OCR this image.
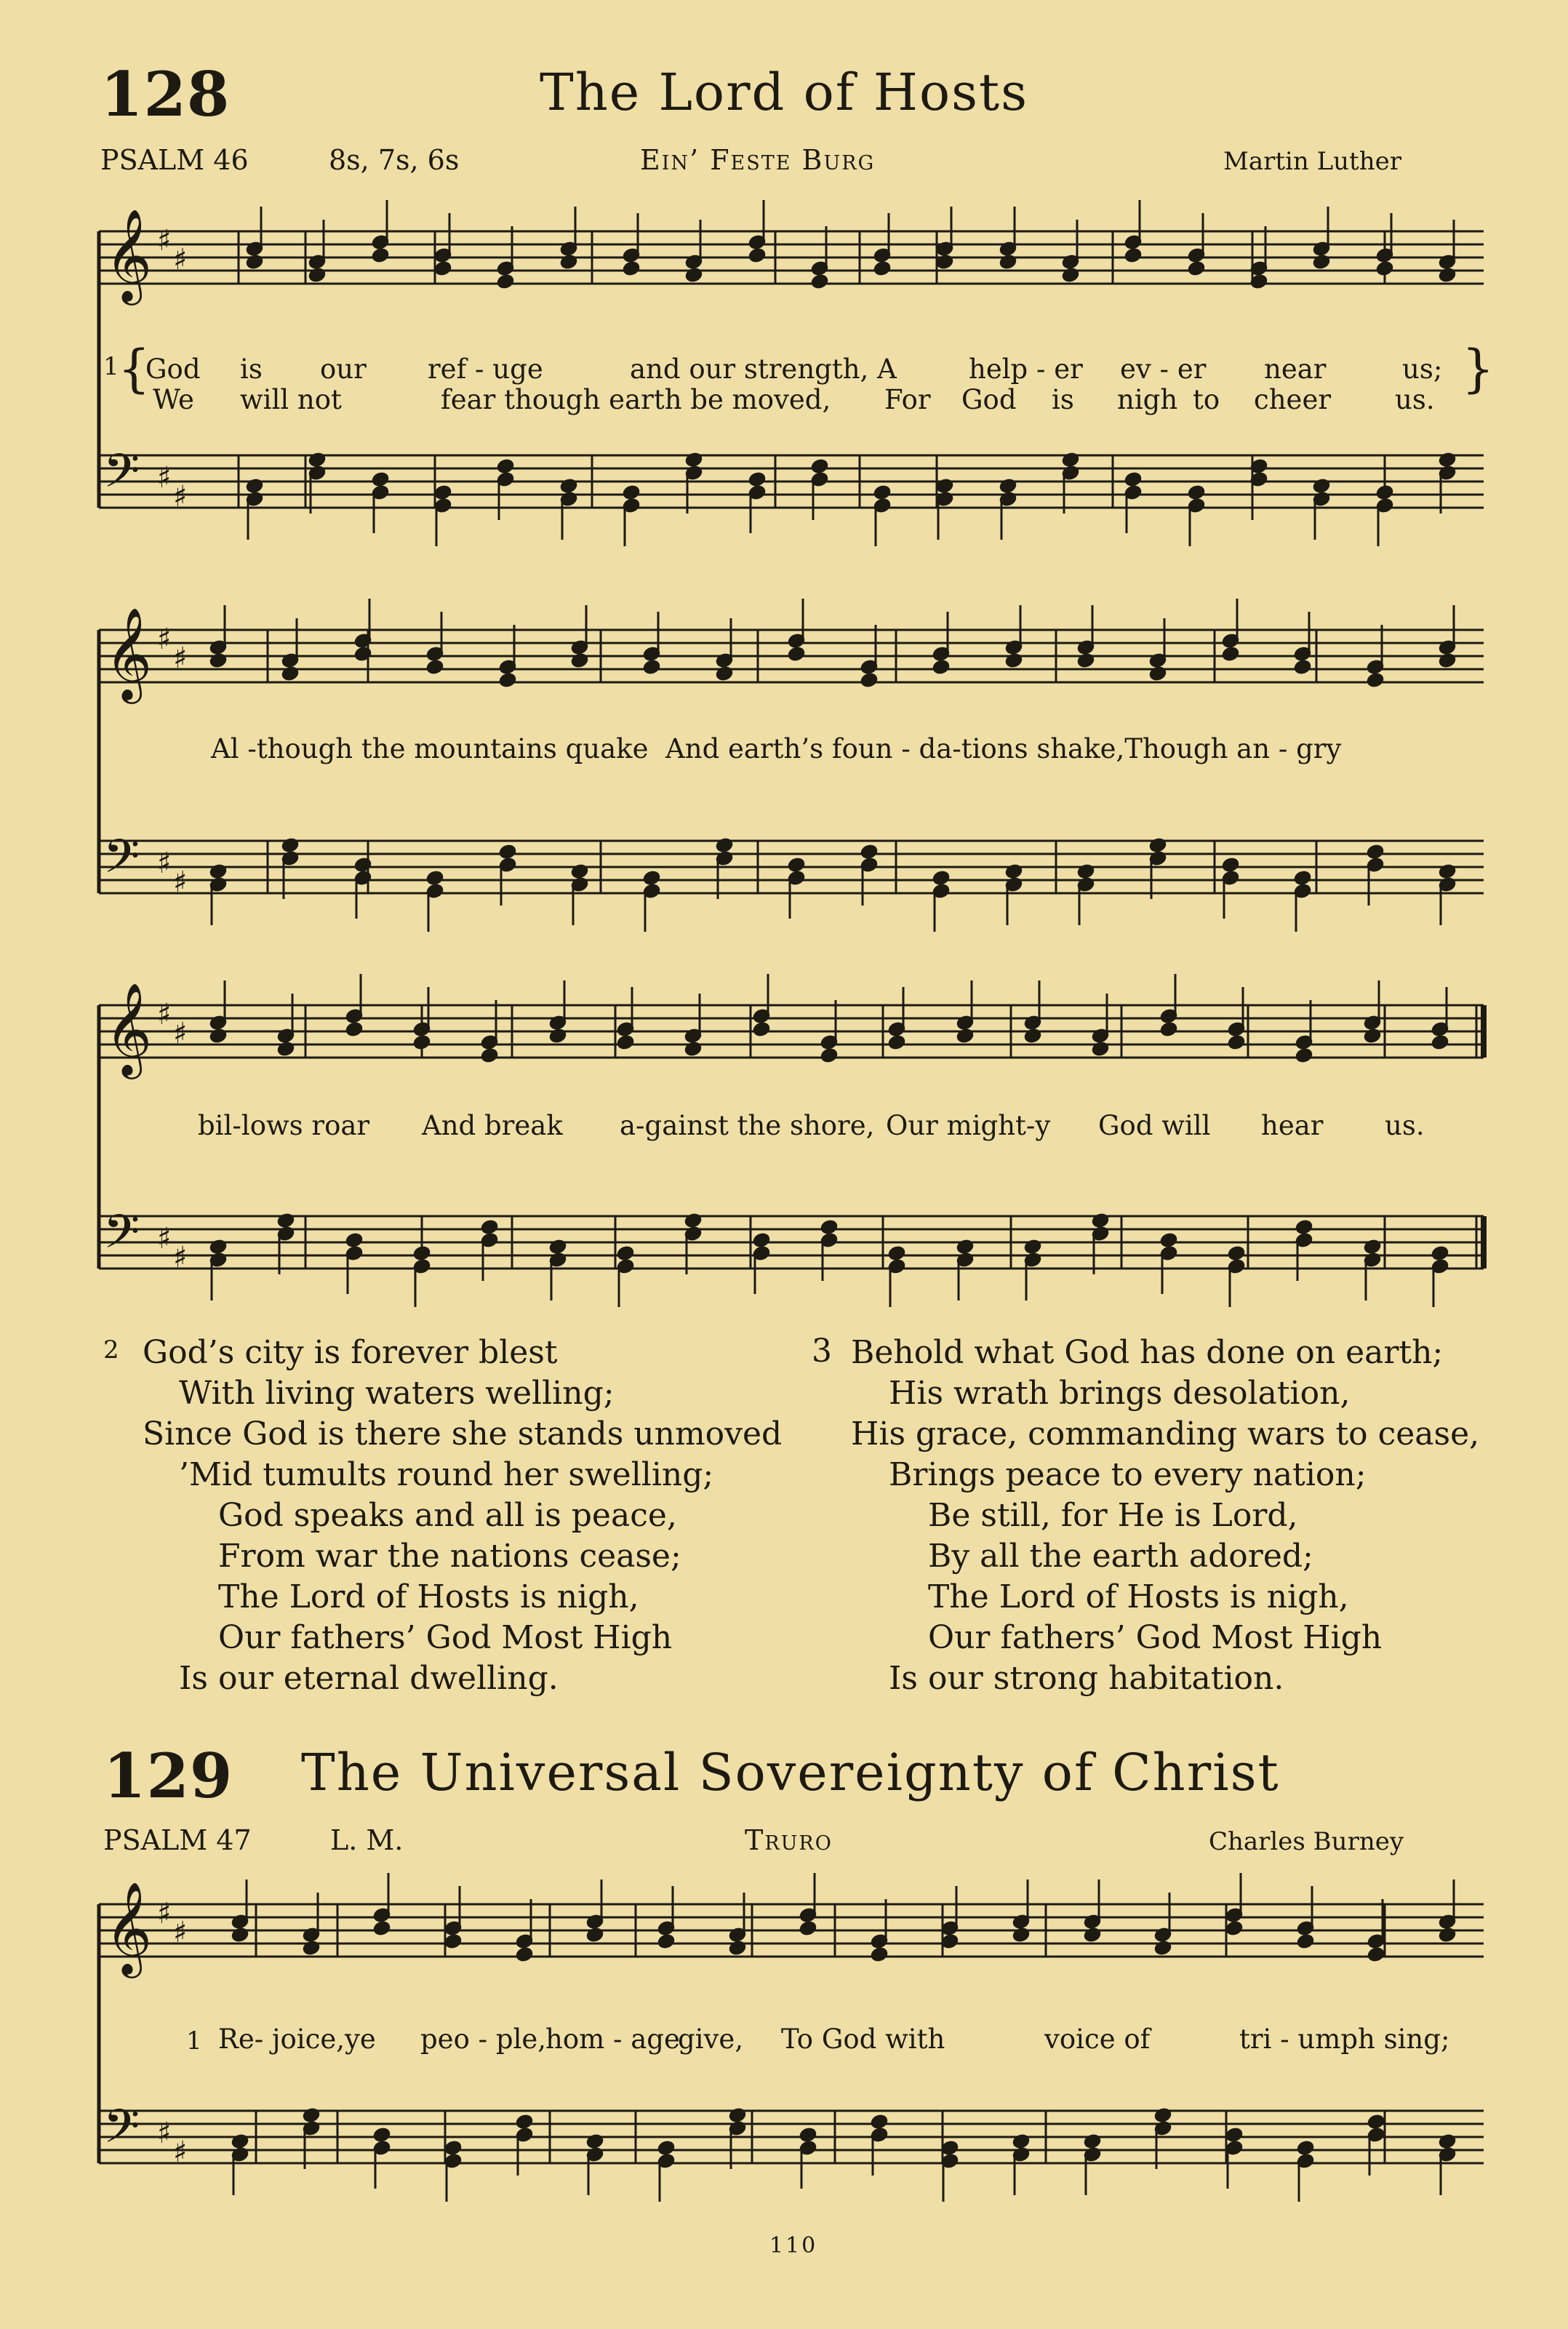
128	The Lord of Hosts
PSALM 46	8s, 7s, 6s	Ein’ Feste Burg	Martin Luther
𝄞
𝄢
♯
♯
♯
♯
𝄞
𝄢
♯
♯
♯
♯
𝄞
𝄢
♯
♯
♯
♯
𝄞
𝄢
♯
♯
♯
♯
1
{
God is our ref - uge	and our strength, A	help - er ev - er near	us;
We will not	fear though earth be moved, For God is nigh to cheer us.
}
Al -though the mountains quake  And earth’s foun - da-tions shake,Though an - gry
bil-lows roar And break a-gainst the shore, Our might-y God will hear us.
2 God’s city is forever blest
With living waters welling;
Since God is there she stands unmoved
’Mid tumults round her swelling;
God speaks and all is peace,
From war the nations cease;
The Lord of Hosts is nigh,
Our fathers’ God Most High
Is our eternal dwelling.
3 Behold what God has done on earth;
His wrath brings desolation,
His grace, commanding wars to cease,
Brings peace to every nation;
Be still, for He is Lord,
By all the earth adored;
The Lord of Hosts is nigh,
Our fathers’ God Most High
Is our strong habitation.
129 The Universal Sovereignty of Christ
PSALM 47	L. M.	Truro	Charles Burney
1 Re- joice,ye peo - ple,
hom - age
give, To God with	voice of	tri - umph sing;
110
